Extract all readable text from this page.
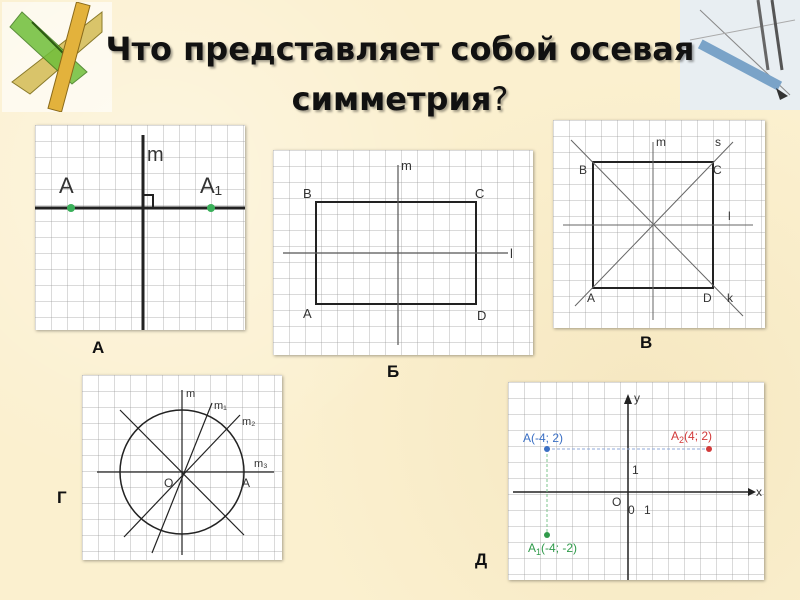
Что представляет собой осевая симметрия?
m
A	A₁
А
m
l
B	C
A	D
Б
m	s
l
k
B	C
A	D
В
m
m₁
m₂
m₃
O	A
Г	x
y
O
0 1
1
A(-4; 2)	$A_2(4$; 2)
$A_1(-4$; -2)
Д
